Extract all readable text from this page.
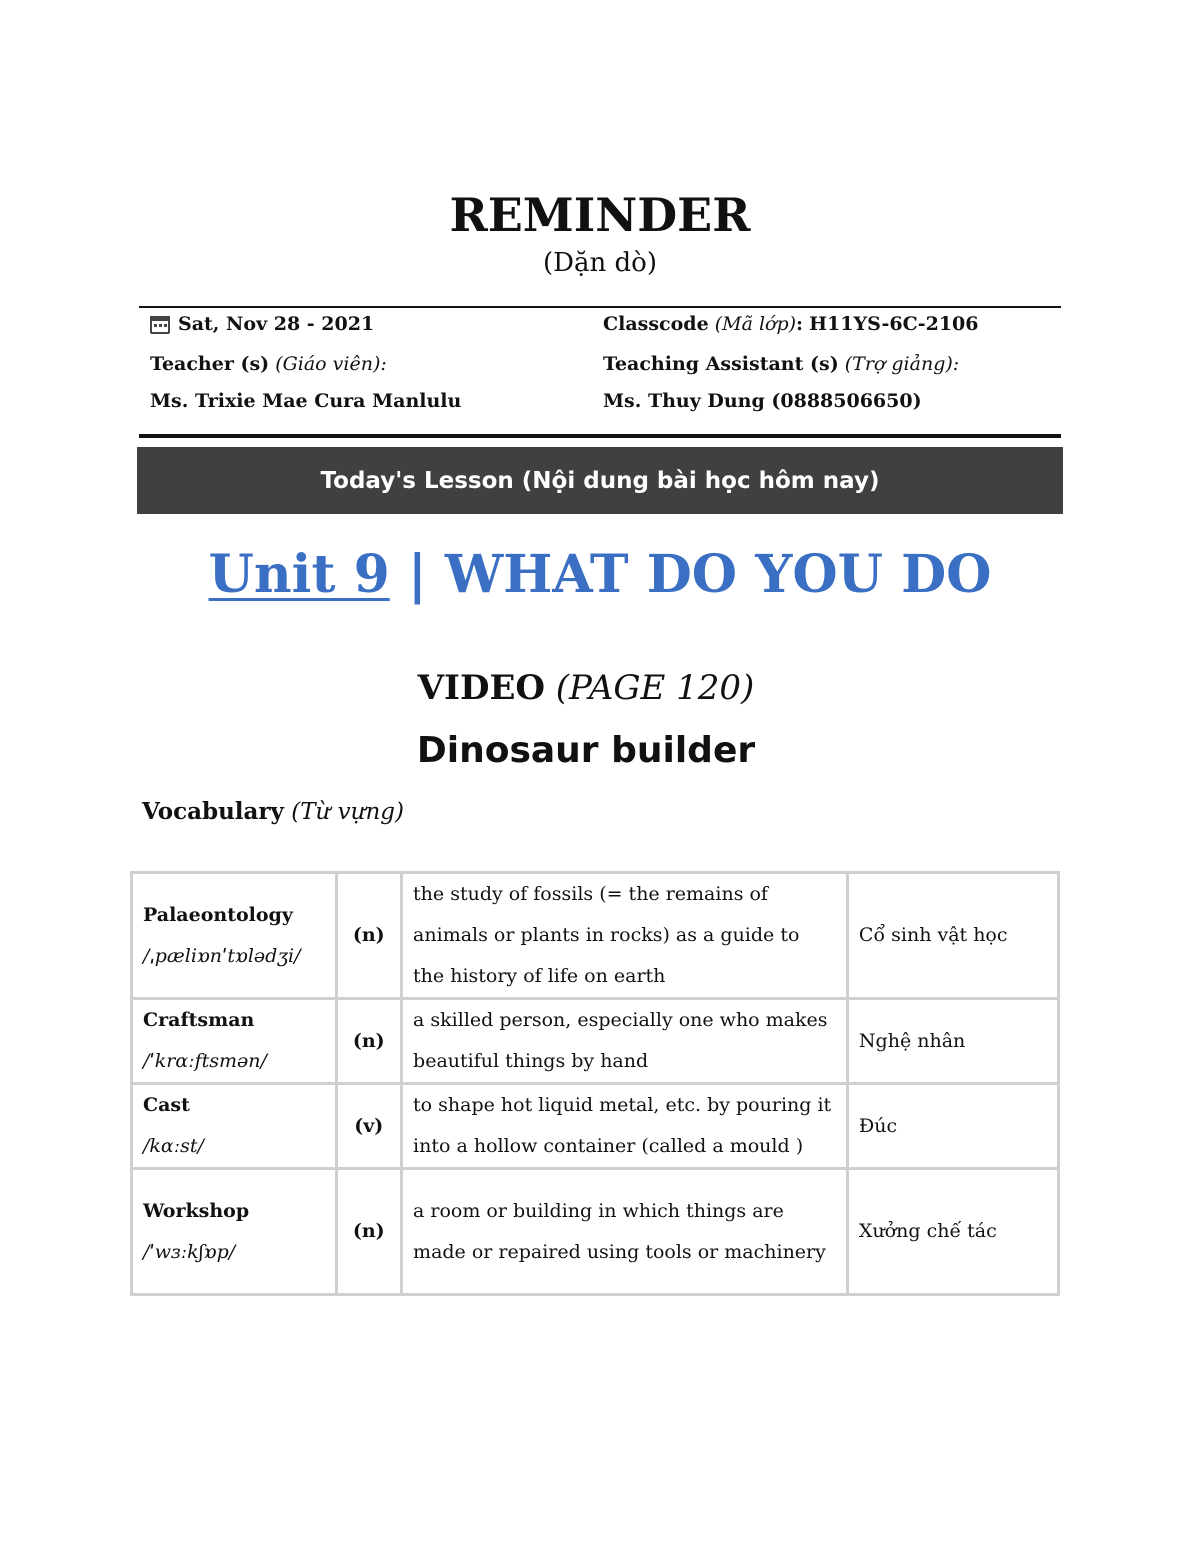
REMINDER
(Dặn dò)
Sat, Nov 28 - 2021	Classcode (Mã lớp): H11YS-6C-2106
Teacher (s) (Giáo viên):	Teaching Assistant (s) (Trợ giảng):
Ms. Trixie Mae Cura Manlulu	Ms. Thuy Dung (0888506650)
Today's Lesson (Nội dung bài học hôm nay)
Unit 9 | WHAT DO YOU DO
VIDEO (PAGE 120)
Dinosaur builder
Vocabulary (Từ vựng)
Palaeontology
/ˌpæliɒnˈtɒlədʒi/	(n)	the study of fossils (= the remains of animals or plants in rocks) as a guide to the history of life on earth	Cổ sinh vật học

Craftsman
/ˈkrɑːftsmən/	(n)	a skilled person, especially one who makes beautiful things by hand	Nghệ nhân

Cast
/kɑːst/	(v)	to shape hot liquid metal, etc. by pouring it into a hollow container (called a mould )	Đúc

Workshop
/ˈwɜːkʃɒp/	(n)	a room or building in which things are made or repaired using tools or machinery	Xưởng chế tác
